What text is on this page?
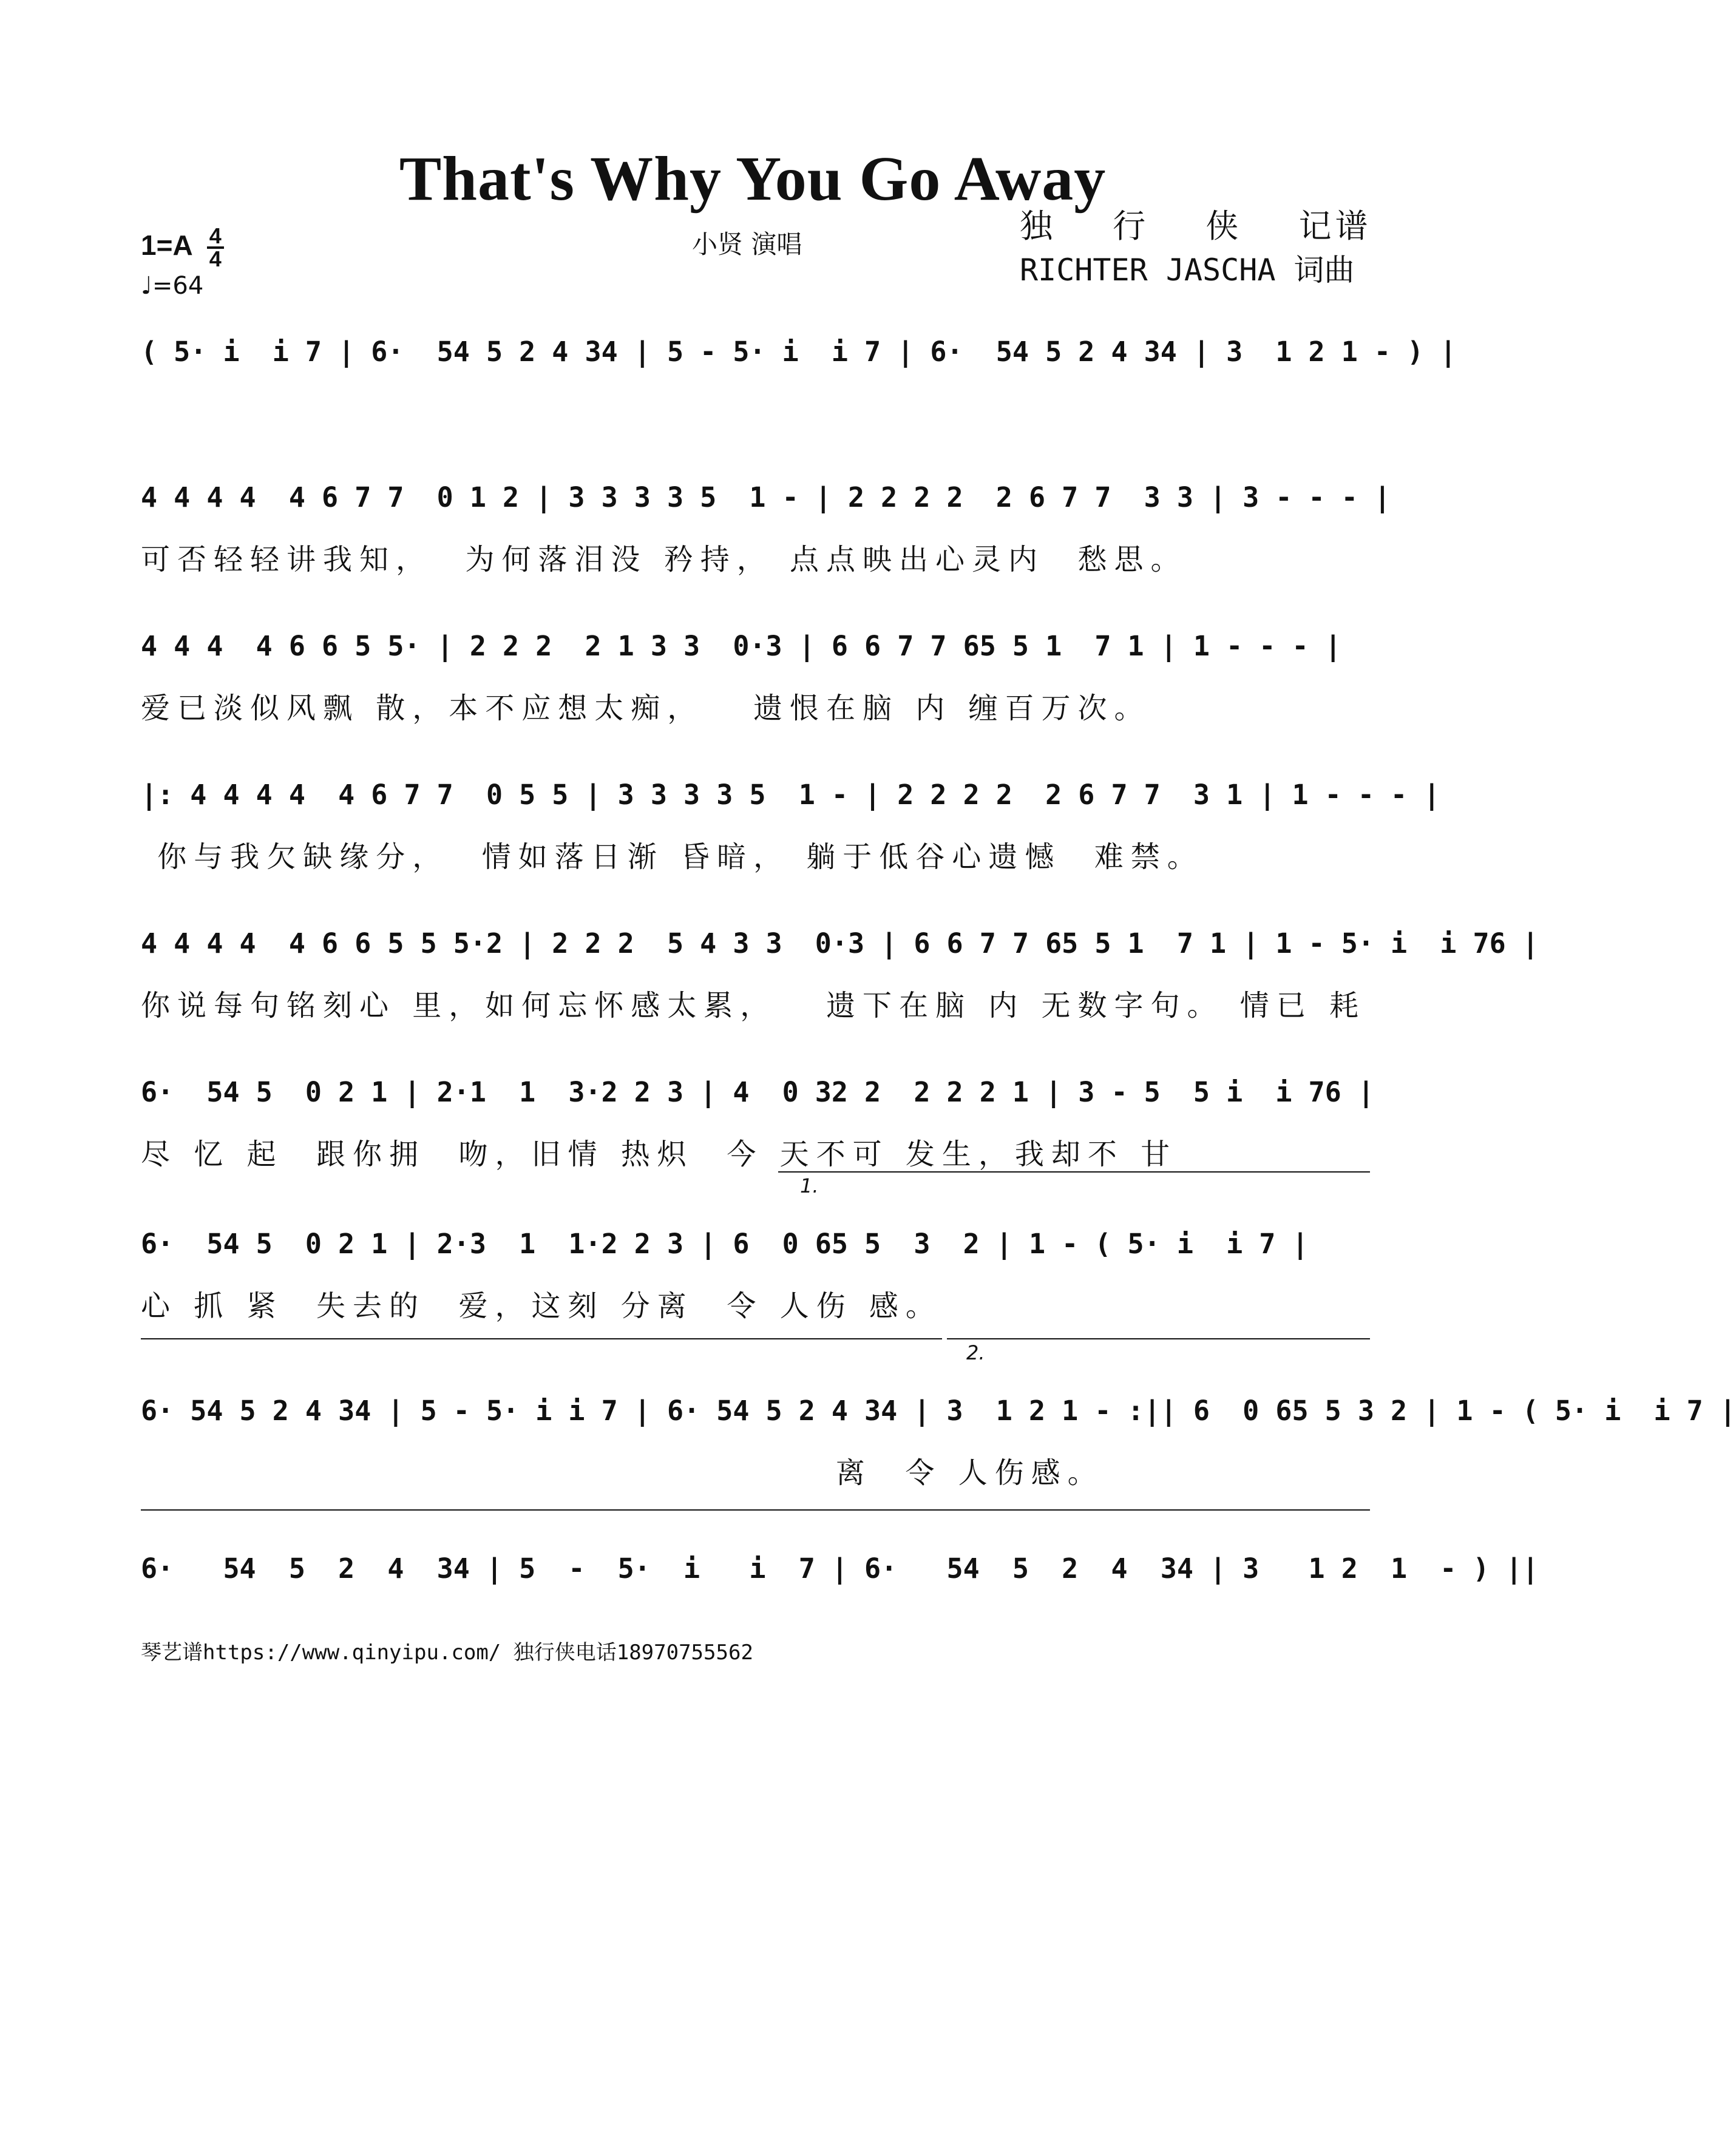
That's Why You Go Away
$1=A \frac{4}{4}$
♩=64
小贤 演唱	独 行 侠 记谱
RICHTER JASCHA 词曲
( 5· i  i 7 | 6·  54 5 2 4 34 | 5 - 5· i  i 7 | 6·  54 5 2 4 34 | 3  1 2 1 - ) |
4 4 4 4  4 6 7 7  0 1 2 | 3 3 3 3 5  1 - | 2 2 2 2  2 6 7 7  3 3 | 3 - - - |
可否轻轻讲我知，  为何落泪没 矜持， 点点映出心灵内  愁思。
4 4 4  4 6 6 5 5· | 2 2 2  2 1 3 3  0·3 | 6 6 7 7 65 5 1  7 1 | 1 - - - |
爱已淡似风飘 散，本不应想太痴，   遗恨在脑 内 缠百万次。
|: 4 4 4 4  4 6 7 7  0 5 5 | 3 3 3 3 5  1 - | 2 2 2 2  2 6 7 7  3 1 | 1 - - - |
你与我欠缺缘分，  情如落日渐 昏暗， 躺于低谷心遗憾  难禁。
4 4 4 4  4 6 6 5 5 5·2 | 2 2 2  5 4 3 3  0·3 | 6 6 7 7 65 5 1  7 1 | 1 - 5· i  i 76 |
你说每句铭刻心 里，如何忘怀感太累，   遗下在脑 内 无数字句。 情已 耗
6·  54 5  0 2 1 | 2·1  1  3·2 2 3 | 4  0 32 2  2 2 2 1 | 3 - 5  5 i  i 76 |
尽 忆 起  跟你拥  吻，旧情 热炽  今 天不可 发生，我却不 甘
1.
6·  54 5  0 2 1 | 2·3  1  1·2 2 3 | 6  0 65 5  3  2 | 1 - ( 5· i  i 7 |
心 抓 紧  失去的  爱，这刻 分离  令 人伤 感。
2.
6· 54 5 2 4 34 | 5 - 5· i i 7 | 6· 54 5 2 4 34 | 3  1 2 1 - :|| 6  0 65 5 3 2 | 1 - ( 5· i  i 7 |
离  令 人伤感。
6·   54  5  2  4  34 | 5  -  5·  i   i  7 | 6·   54  5  2  4  34 | 3   1 2  1  - ) ||
琴艺谱https://www.qinyipu.com/ 独行侠电话18970755562
